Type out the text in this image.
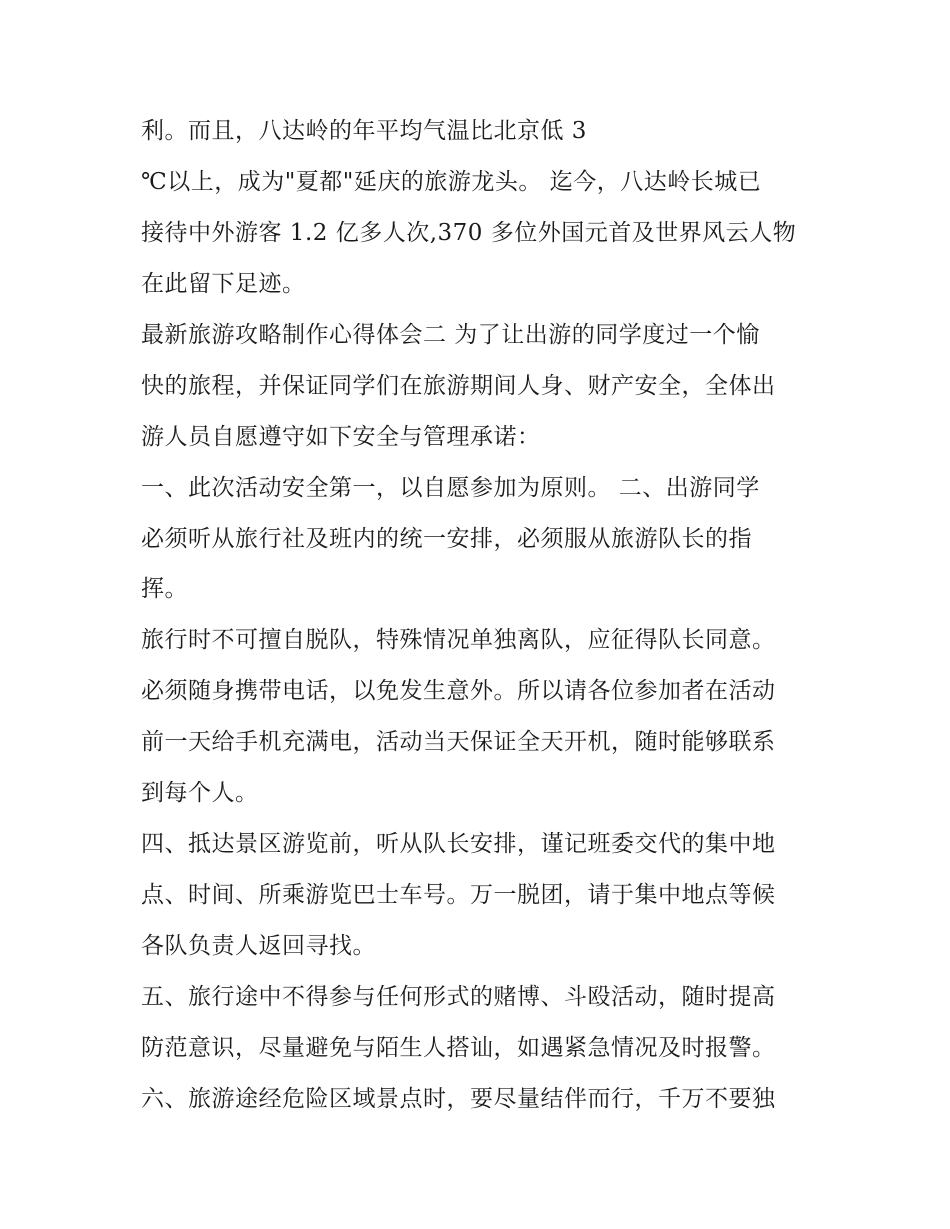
利。而且，八达岭的年平均气温比北京低 3
℃以上，成为"夏都"延庆的旅游龙头。 迄今，八达岭长城已
接待中外游客 1.2 亿多人次,370 多位外国元首及世界风云人物
在此留下足迹。
最新旅游攻略制作心得体会二 为了让出游的同学度过一个愉
快的旅程，并保证同学们在旅游期间人身、财产安全，全体出
游人员自愿遵守如下安全与管理承诺：
一、此次活动安全第一，以自愿参加为原则。 二、出游同学
必须听从旅行社及班内的统一安排，必须服从旅游队长的指
挥。
旅行时不可擅自脱队，特殊情况单独离队，应征得队长同意。
必须随身携带电话，以免发生意外。所以请各位参加者在活动
前一天给手机充满电，活动当天保证全天开机，随时能够联系
到每个人。
四、抵达景区游览前，听从队长安排，谨记班委交代的集中地
点、时间、所乘游览巴士车号。万一脱团，请于集中地点等候
各队负责人返回寻找。
五、旅行途中不得参与任何形式的赌博、斗殴活动，随时提高
防范意识，尽量避免与陌生人搭讪，如遇紧急情况及时报警。
六、旅游途经危险区域景点时，要尽量结伴而行，千万不要独
